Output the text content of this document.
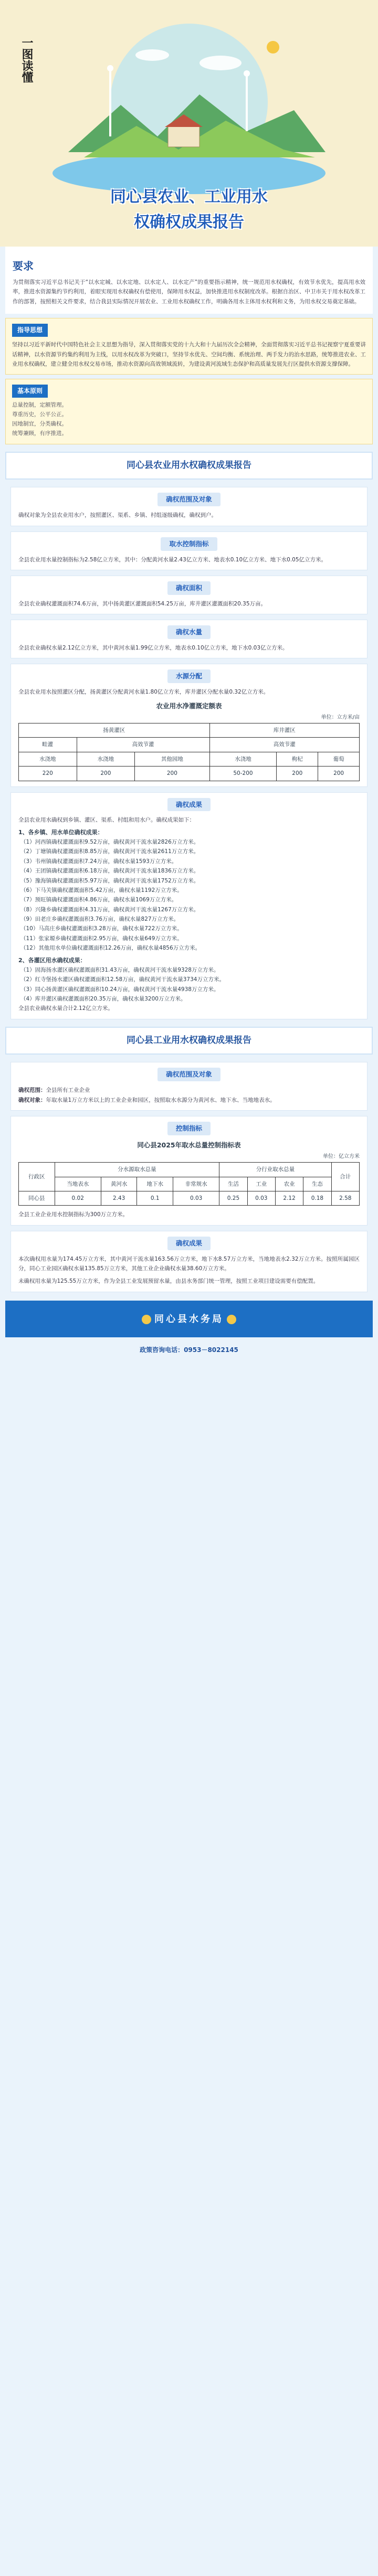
一图读懂
同心县农业、工业用水
权确权成果报告
要求
为贯彻落实习近平总书记关于“以水定城、以水定地、以水定人、以水定产”的重要指示精神，统一规范用水权确权，有效节水优先，提高用水效率，推进水资源集约节约利用，着眼实现用水权确权有偿使用，保障用水权益，加快推进用水权制度改革。根据自治区、中卫市关于用水权改革工作的部署，按照相关文件要求，结合我县实际情况开展农业、工业用水权确权工作，明确各用水主体用水权利和义务，为用水权交易奠定基础。
指导思想
坚持以习近平新时代中国特色社会主义思想为指导，深入贯彻落实党的十九大和十九届历次全会精神，全面贯彻落实习近平总书记视察宁夏重要讲话精神，以水资源节约集约利用为主线，以用水权改革为突破口，坚持节水优先、空间均衡、系统治理、两手发力的治水思路，统筹推进农业、工业用水权确权，建立健全用水权交易市场，推动水资源向高效领域流转，为建设黄河流域生态保护和高质量发展先行区提供水资源支撑保障。
基本原则
总量控制，定额管理。
尊重历史，公平公正。
因地制宜，分类确权。
统筹兼顾，有序推进。
同心县农业用水权确权成果报告
确权范围及对象
确权对象为全县农业用水户，按照灌区、渠系、乡镇、村组逐级确权，确权到户。
取水控制指标
全县农业用水量控制指标为2.58亿立方米，其中：分配黄河水量2.43亿立方米、地表水0.10亿立方米、地下水0.05亿立方米。
确权面积
全县农业确权灌溉面积74.6万亩，其中扬黄灌区灌溉面积54.25万亩，库井灌区灌溉面积20.35万亩。
确权水量
全县农业确权水量2.12亿立方米，其中黄河水量1.99亿立方米，地表水0.10亿立方米，地下水0.03亿立方米。
水源分配
全县农业用水按照灌区分配，扬黄灌区分配黄河水量1.80亿立方米，库井灌区分配水量0.32亿立方米。
农业用水净灌溉定额表
单位：立方米/亩
扬黄灌区			库井灌区		
畦灌	高效节灌		高效节灌		
水浇地	水浇地	其他园地	水浇地	枸杞	葡萄
220	200	200	50-200	200	200
确权成果
全县农业用水确权到乡镇、灌区、渠系、村组和用水户。确权成果如下：
1、各乡镇、用水单位确权成果：
（1）河西镇确权灌溉面积9.52万亩，确权黄河干流水量2826万立方米。
（2）丁塘镇确权灌溉面积8.85万亩，确权黄河干流水量2611万立方米。
（3）韦州镇确权灌溉面积7.24万亩，确权水量1593万立方米。
（4）王团镇确权灌溉面积6.18万亩，确权黄河干流水量1836万立方米。
（5）豫海镇确权灌溉面积5.97万亩，确权黄河干流水量1752万立方米。
（6）下马关镇确权灌溉面积5.42万亩，确权水量1192万立方米。
（7）预旺镇确权灌溉面积4.86万亩，确权水量1069万立方米。
（8）兴隆乡确权灌溉面积4.31万亩，确权黄河干流水量1267万立方米。
（9）田老庄乡确权灌溉面积3.76万亩，确权水量827万立方米。
（10）马高庄乡确权灌溉面积3.28万亩，确权水量722万立方米。
（11）张家塬乡确权灌溉面积2.95万亩，确权水量649万立方米。
（12）其他用水单位确权灌溉面积12.26万亩，确权水量4856万立方米。
2、各灌区用水确权成果：
（1）固海扬水灌区确权灌溉面积31.43万亩，确权黄河干流水量9328万立方米。
（2）红寺堡扬水灌区确权灌溉面积12.58万亩，确权黄河干流水量3734万立方米。
（3）同心扬黄灌区确权灌溉面积10.24万亩，确权黄河干流水量4938万立方米。
（4）库井灌区确权灌溉面积20.35万亩，确权水量3200万立方米。
全县农业确权水量合计2.12亿立方米。
同心县工业用水权确权成果报告
确权范围及对象
确权范围：全县所有工业企业
确权对象：年取水量1万立方米以上的工业企业和园区，按照取水水源分为黄河水、地下水、当地地表水。
控制指标
同心县2025年取水总量控制指标表
单位：亿立方米
行政区	分水源取水总量				分行业取水总量				合计
	当地表水	黄河水	地下水	非常规水	生活	工业	农业	生态	
同心县	0.02	2.43	0.1	0.03	0.25	0.03	2.12	0.18	2.58
全县工业企业用水控制指标为300万立方米。
确权成果
本次确权用水量为174.45万立方米，其中黄河干流水量163.56万立方米，地下水8.57万立方米，当地地表水2.32万立方米。按照所属园区分，同心工业园区确权水量135.85万立方米，其他工业企业确权水量38.60万立方米。
未确权用水量为125.55万立方米，作为全县工业发展预留水量，由县水务部门统一管理，按照工业项目建设需要有偿配置。
同心县水务局
政策咨询电话：0953－8022145
